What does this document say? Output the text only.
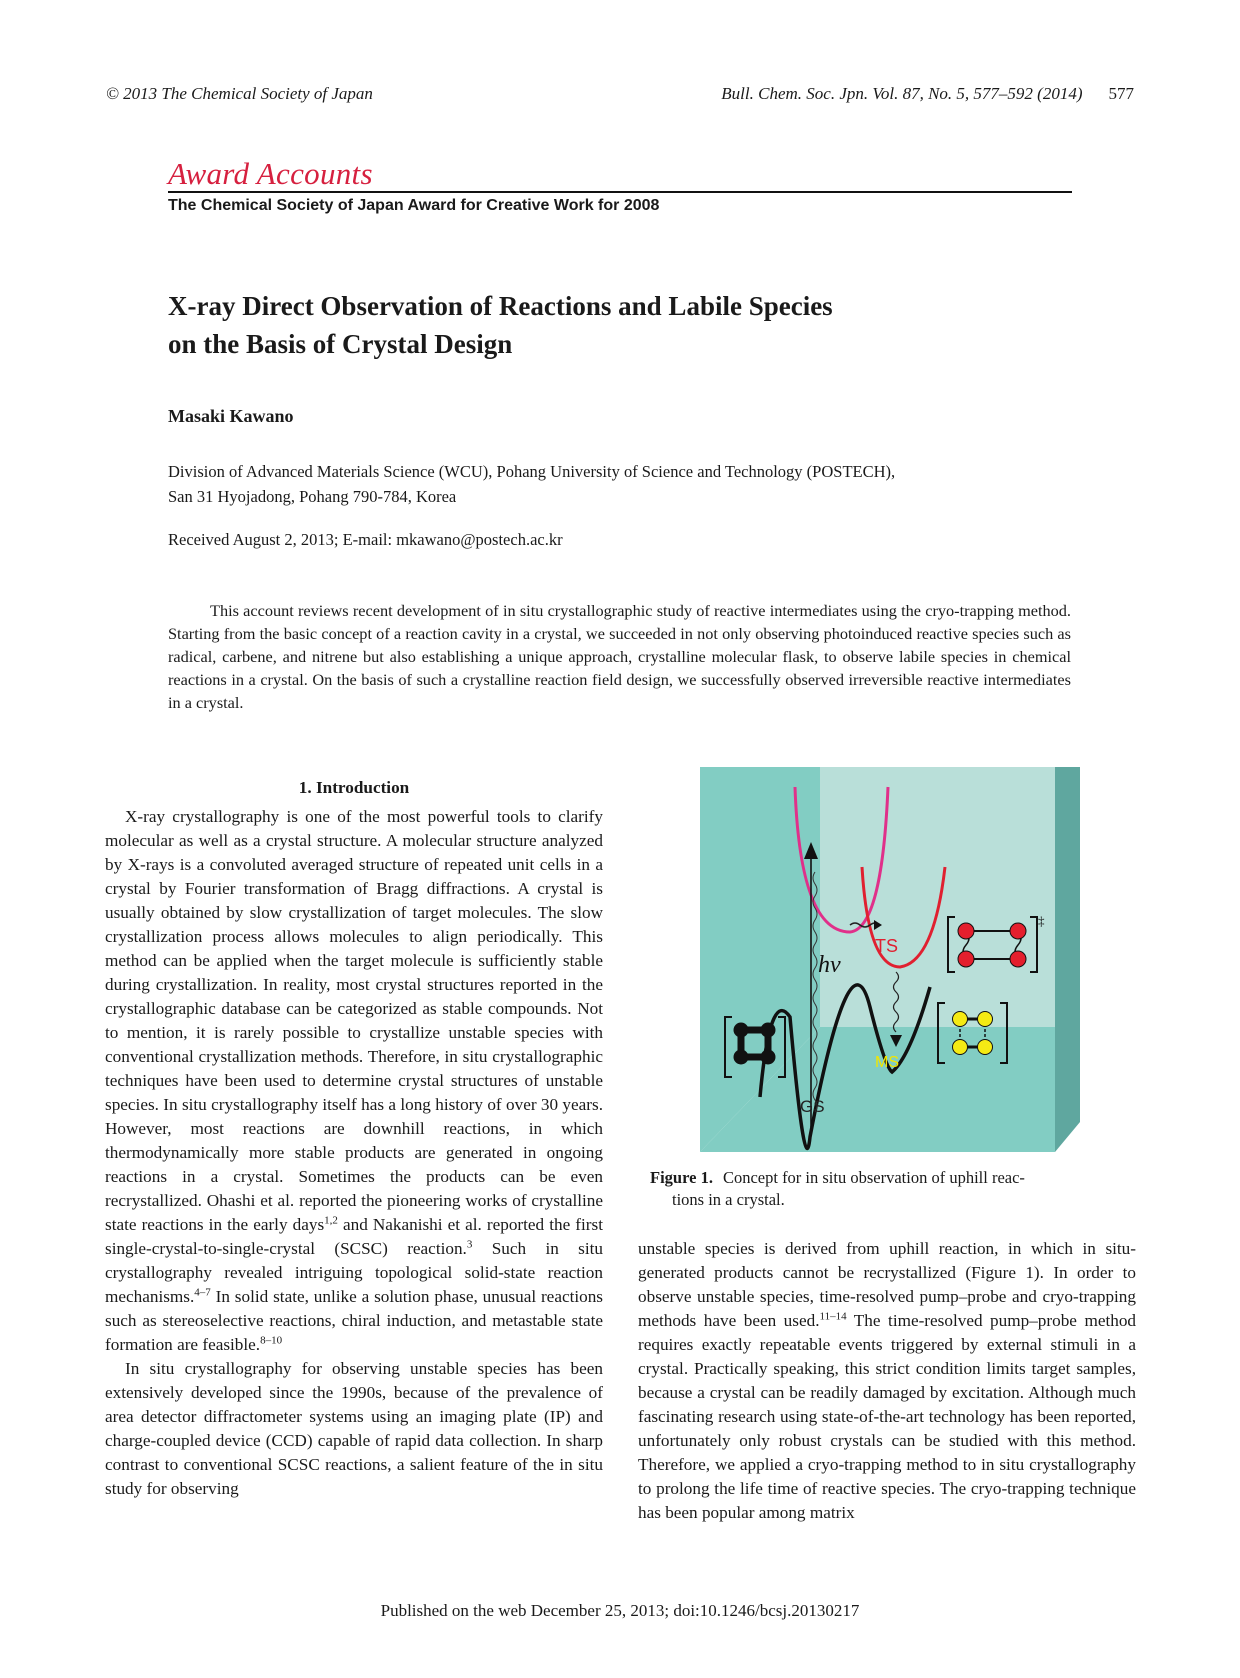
© 2013 The Chemical Society of Japan	Bull. Chem. Soc. Jpn. Vol. 87, No. 5, 577–592 (2014) 577
Award Accounts
The Chemical Society of Japan Award for Creative Work for 2008
X-ray Direct Observation of Reactions and Labile Species
on the Basis of Crystal Design
Masaki Kawano
Division of Advanced Materials Science (WCU), Pohang University of Science and Technology (POSTECH),
San 31 Hyojadong, Pohang 790-784, Korea
Received August 2, 2013; E-mail: mkawano@postech.ac.kr
This account reviews recent development of in situ crystallographic study of reactive intermediates using the cryo-trapping method. Starting from the basic concept of a reaction cavity in a crystal, we succeeded in not only observing photoinduced reactive species such as radical, carbene, and nitrene but also establishing a unique approach, crystalline molecular flask, to observe labile species in chemical reactions in a crystal. On the basis of such a crystalline reaction field design, we successfully observed irreversible reactive intermediates in a crystal.

1. Introduction

X-ray crystallography is one of the most powerful tools to clarify molecular as well as a crystal structure. A molecular structure analyzed by X-rays is a convoluted averaged structure of repeated unit cells in a crystal by Fourier transformation of Bragg diffractions. A crystal is usually obtained by slow crystallization of target molecules. The slow crystallization process allows molecules to align periodically. This method can be applied when the target molecule is sufficiently stable during crystallization. In reality, most crystal structures reported in the crystallographic database can be categorized as stable compounds. Not to mention, it is rarely possible to crystallize unstable species with conventional crystallization methods. Therefore, in situ crystallographic techniques have been used to determine crystal structures of unstable species. In situ crystallography itself has a long history of over 30 years. However, most reactions are downhill reactions, in which thermodynamically more stable products are generated in ongoing reactions in a crystal. Sometimes the products can be even recrystallized. Ohashi et al. reported the pioneering works of crystalline state reactions in the early days$^{1,2}$ and Nakanishi et al. reported the first single-crystal-to-single-crystal (SCSC) reaction.$^3$ Such in situ crystallography revealed intriguing topological solid-state reaction mechanisms.$^{4-7}$ In solid state, unlike a solution phase, unusual reactions such as stereoselective reactions, chiral induction, and metastable state formation are feasible.$^{8-10}$

In situ crystallography for observing unstable species has been extensively developed since the 1990s, because of the prevalence of area detector diffractometer systems using an imaging plate (IP) and charge-coupled device (CCD) capable of rapid data collection. In sharp contrast to conventional SCSC reactions, a salient feature of the in situ study for observing

hν
TS
MS
GS
‡
Figure 1. Concept for in situ observation of uphill reac-
tions in a crystal.

unstable species is derived from uphill reaction, in which in situ-generated products cannot be recrystallized (Figure 1). In order to observe unstable species, time-resolved pump–probe and cryo-trapping methods have been used.$^{11-14}$ The time-resolved pump–probe method requires exactly repeatable events triggered by external stimuli in a crystal. Practically speaking, this strict condition limits target samples, because a crystal can be readily damaged by excitation. Although much fascinating research using state-of-the-art technology has been reported, unfortunately only robust crystals can be studied with this method. Therefore, we applied a cryo-trapping method to in situ crystallography to prolong the life time of reactive species. The cryo-trapping technique has been popular among matrix

Published on the web December 25, 2013; doi:10.1246/bcsj.20130217
